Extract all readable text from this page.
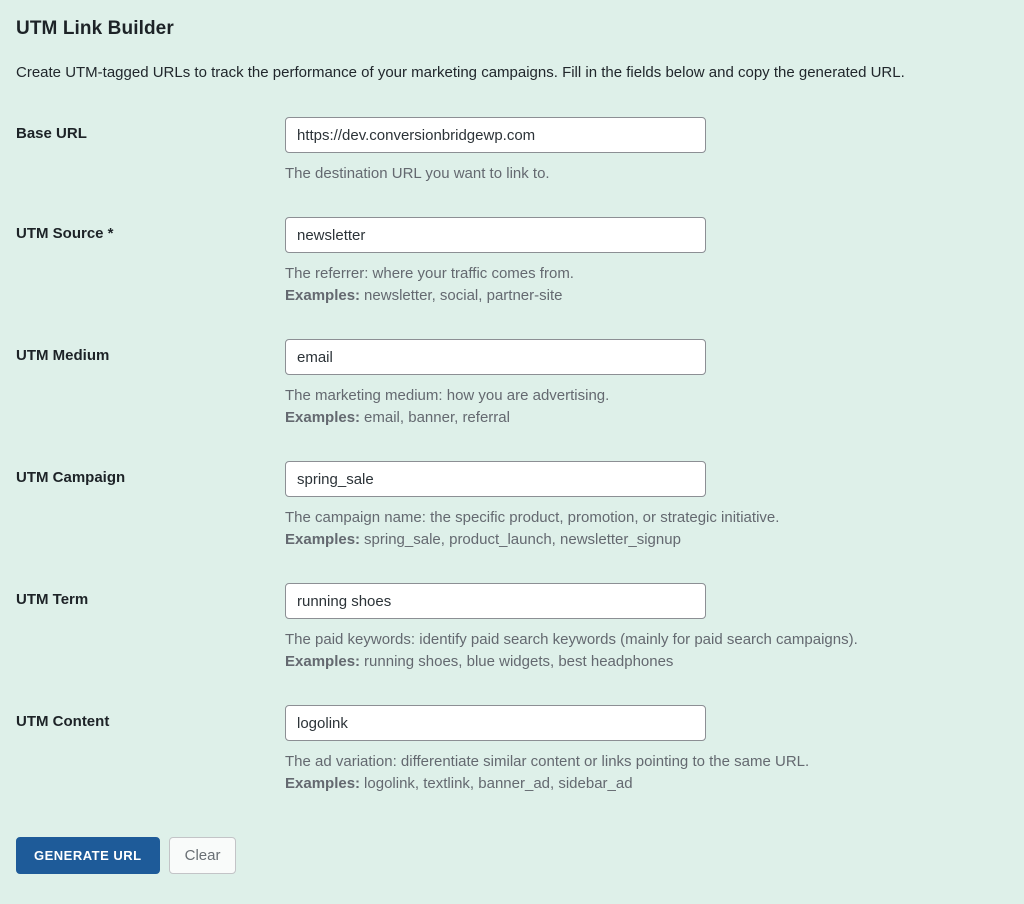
UTM Link Builder
Create UTM-tagged URLs to track the performance of your marketing campaigns. Fill in the fields below and copy the generated URL.
Base URL
https://dev.conversionbridgewp.com
The destination URL you want to link to.
UTM Source *
newsletter
The referrer: where your traffic comes from.
Examples: newsletter, social, partner-site
UTM Medium
email
The marketing medium: how you are advertising.
Examples: email, banner, referral
UTM Campaign
spring_sale
The campaign name: the specific product, promotion, or strategic initiative.
Examples: spring_sale, product_launch, newsletter_signup
UTM Term
running shoes
The paid keywords: identify paid search keywords (mainly for paid search campaigns).
Examples: running shoes, blue widgets, best headphones
UTM Content
logolink
The ad variation: differentiate similar content or links pointing to the same URL.
Examples: logolink, textlink, banner_ad, sidebar_ad
GENERATE URL	Clear
